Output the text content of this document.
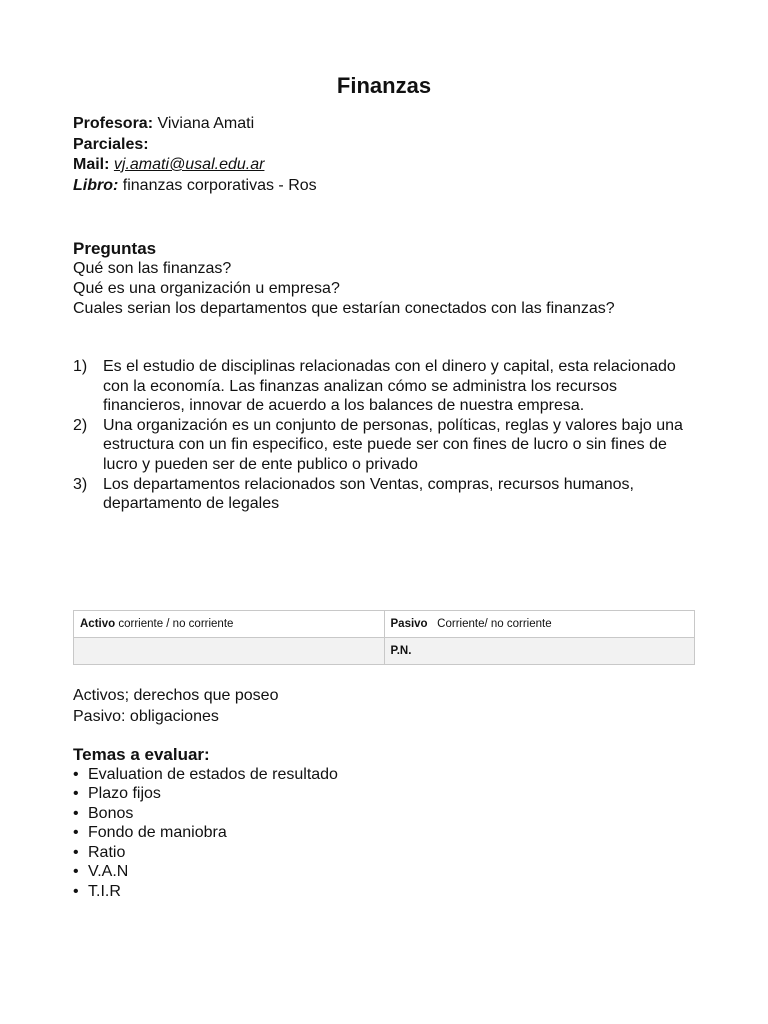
Finanzas
Profesora: Viviana Amati
Parciales:
Mail: vj.amati@usal.edu.ar
Libro: finanzas corporativas - Ros
Preguntas
Qué son las finanzas?
Qué es una organización u empresa?
Cuales serian los departamentos que estarían conectados con las finanzas?
1) Es el estudio de disciplinas relacionadas con el dinero y capital, esta relacionado con la economía. Las finanzas analizan cómo se administra los recursos financieros, innovar de acuerdo a los balances de nuestra empresa.
2) Una organización es un conjunto de personas, políticas, reglas y valores bajo una estructura con un fin especifico, este puede ser con fines de lucro o sin fines de lucro y pueden ser de ente publico o privado
3) Los departamentos relacionados son Ventas, compras, recursos humanos, departamento de legales
Activo corriente / no corriente	Pasivo Corriente/ no corriente
	P.N.
Activos; derechos que poseo
Pasivo: obligaciones
Temas a evaluar:
• Evaluation de estados de resultado
• Plazo fijos
• Bonos
• Fondo de maniobra
• Ratio
• V.A.N
• T.I.R
